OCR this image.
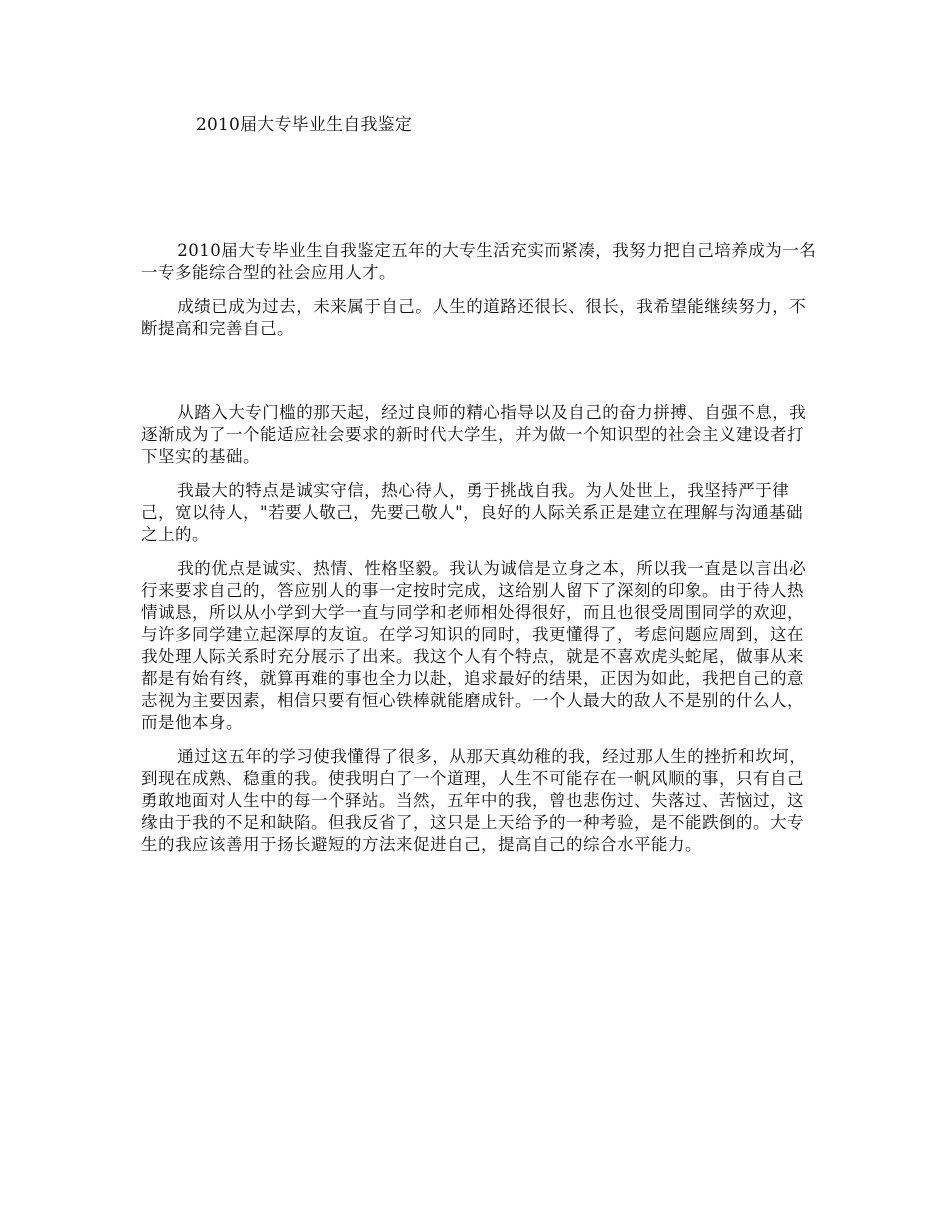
2010届大专毕业生自我鉴定

2010届大专毕业生自我鉴定五年的大专生活充实而紧凑，我努力把自己培养成为一名一专多能综合型的社会应用人才。

成绩已成为过去，未来属于自己。人生的道路还很长、很长，我希望能继续努力，不断提高和完善自己。

从踏入大专门槛的那天起，经过良师的精心指导以及自己的奋力拼搏、自强不息，我逐渐成为了一个能适应社会要求的新时代大学生，并为做一个知识型的社会主义建设者打下坚实的基础。

我最大的特点是诚实守信，热心待人，勇于挑战自我。为人处世上，我坚持严于律己，宽以待人，"若要人敬己，先要己敬人"，良好的人际关系正是建立在理解与沟通基础之上的。

我的优点是诚实、热情、性格坚毅。我认为诚信是立身之本，所以我一直是以言出必行来要求自己的，答应别人的事一定按时完成，这给别人留下了深刻的印象。由于待人热情诚恳，所以从小学到大学一直与同学和老师相处得很好，而且也很受周围同学的欢迎，与许多同学建立起深厚的友谊。在学习知识的同时，我更懂得了，考虑问题应周到，这在我处理人际关系时充分展示了出来。我这个人有个特点，就是不喜欢虎头蛇尾，做事从来都是有始有终，就算再难的事也全力以赴，追求最好的结果，正因为如此，我把自己的意志视为主要因素，相信只要有恒心铁棒就能磨成针。一个人最大的敌人不是别的什么人，而是他本身。

通过这五年的学习使我懂得了很多，从那天真幼稚的我，经过那人生的挫折和坎坷，到现在成熟、稳重的我。使我明白了一个道理，人生不可能存在一帆风顺的事，只有自己勇敢地面对人生中的每一个驿站。当然，五年中的我，曾也悲伤过、失落过、苦恼过，这缘由于我的不足和缺陷。但我反省了，这只是上天给予的一种考验，是不能跌倒的。大专生的我应该善用于扬长避短的方法来促进自己，提高自己的综合水平能力。
